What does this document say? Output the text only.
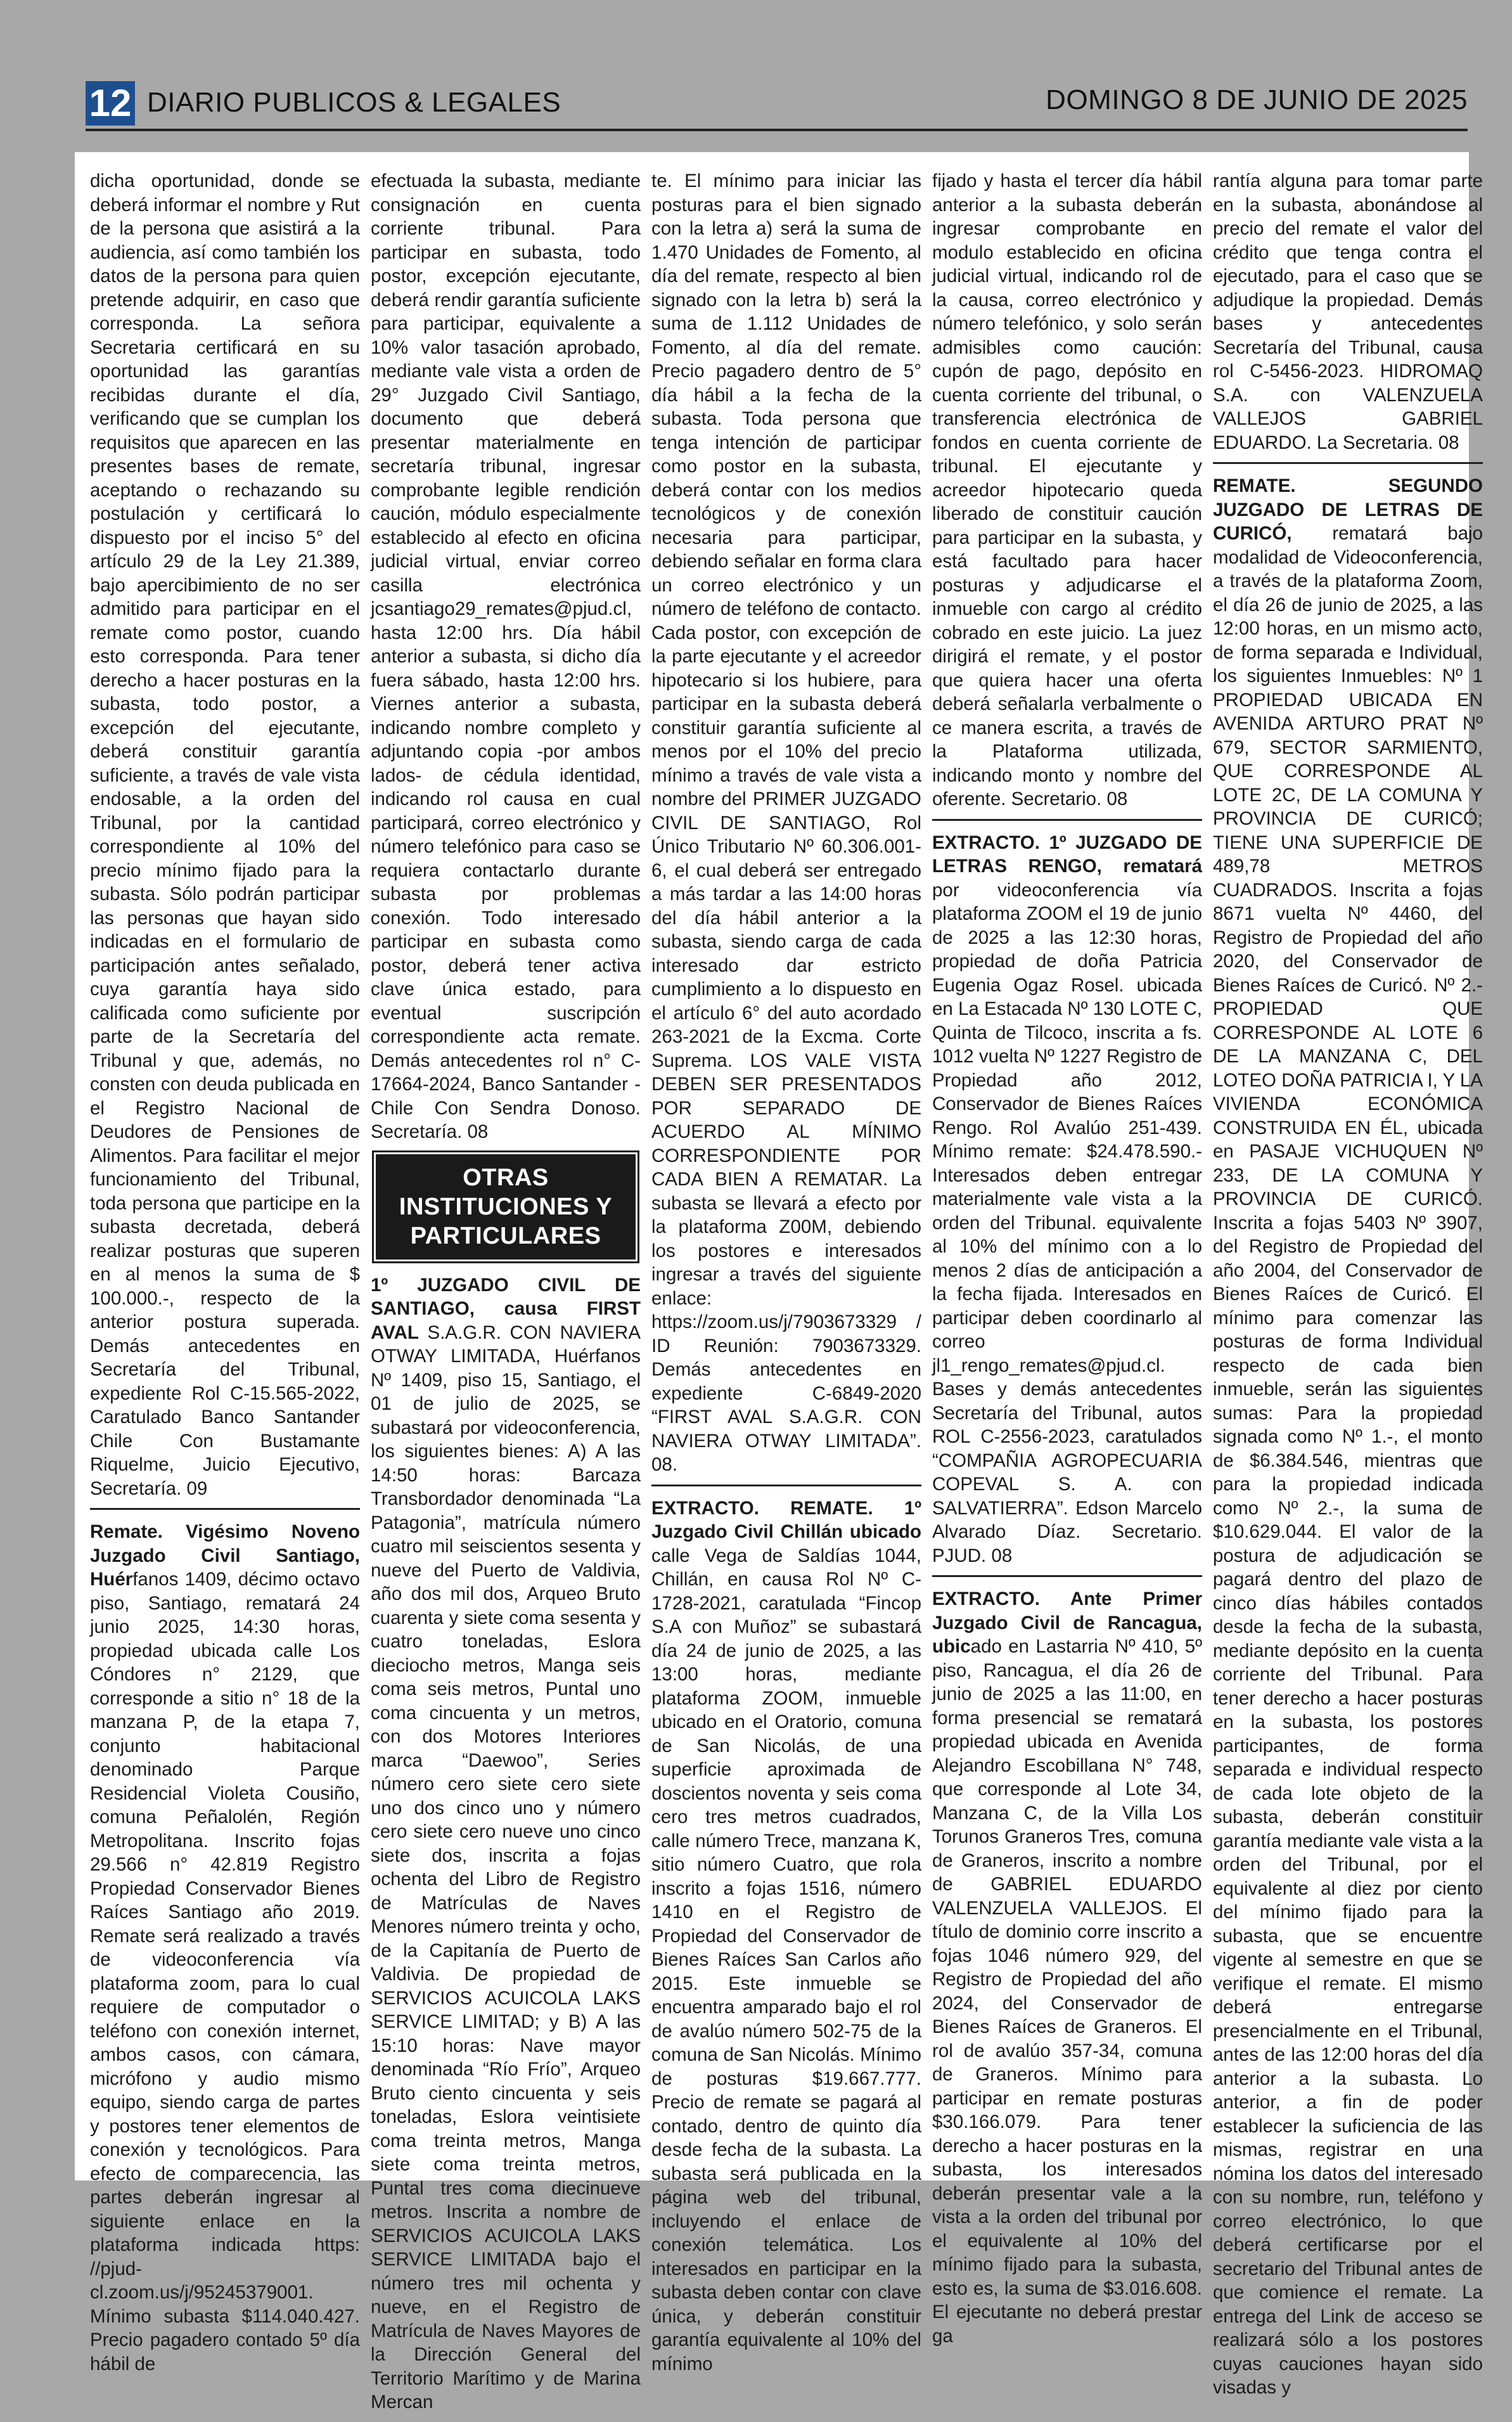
12 DIARIO PUBLICOS & LEGALES	DOMINGO 8 DE JUNIO DE 2025

dicha oportunidad, donde se deberá informar el nombre y Rut de la persona que asistirá a la audiencia, así como también los datos de la persona para quien pretende adquirir, en caso que corresponda. La señora Secretaria certificará en su oportunidad las garantías recibidas durante el día, verificando que se cumplan los requisitos que aparecen en las presentes bases de remate, aceptando o rechazando su postulación y certificará lo dispuesto por el inciso 5° del artículo 29 de la Ley 21.389, bajo apercibimiento de no ser admitido para participar en el remate como postor, cuando esto corresponda. Para tener derecho a hacer posturas en la subasta, todo postor, a excepción del ejecutante, deberá constituir garantía suficiente, a través de vale vista endosable, a la orden del Tribunal, por la cantidad correspondiente al 10% del precio mínimo fijado para la subasta. Sólo podrán participar las personas que hayan sido indicadas en el formulario de participación antes señalado, cuya garantía haya sido calificada como suficiente por parte de la Secretaría del Tribunal y que, además, no consten con deuda publicada en el Registro Nacional de Deudores de Pensiones de Alimentos. Para facilitar el mejor funcionamiento del Tribunal, toda persona que participe en la subasta decretada, deberá realizar posturas que superen en al menos la suma de $ 100.000.-, respecto de la anterior postura superada. Demás antecedentes en Secretaría del Tribunal, expediente Rol C-15.565-2022, Caratulado Banco Santander Chile Con Bustamante Riquelme, Juicio Ejecutivo, Secretaría. 09

Remate. Vigésimo Noveno Juzgado Civil Santiago, Huérfanos 1409, décimo octavo piso, Santiago, rematará 24 junio 2025, 14:30 horas, propiedad ubicada calle Los Cóndores n° 2129, que corresponde a sitio n° 18 de la manzana P, de la etapa 7, conjunto habitacional denominado Parque Residencial Violeta Cousiño, comuna Peñalolén, Región Metropolitana. Inscrito fojas 29.566 n° 42.819 Registro Propiedad Conservador Bienes Raíces Santiago año 2019. Remate será realizado a través de videoconferencia vía plataforma zoom, para lo cual requiere de computador o teléfono con conexión internet, ambos casos, con cámara, micrófono y audio mismo equipo, siendo carga de partes y postores tener elementos de conexión y tecnológicos. Para efecto de comparecencia, las partes deberán ingresar al siguiente enlace en la plataforma indicada https: //pjud-cl.zoom.us/j/95245379001. Mínimo subasta $114.040.427. Precio pagadero contado 5º día hábil de

efectuada la subasta, mediante consignación en cuenta corriente tribunal. Para participar en subasta, todo postor, excepción ejecutante, deberá rendir garantía suficiente para participar, equivalente a 10% valor tasación aprobado, mediante vale vista a orden de 29° Juzgado Civil Santiago, documento que deberá presentar materialmente en secretaría tribunal, ingresar comprobante legible rendición caución, módulo especialmente establecido al efecto en oficina judicial virtual, enviar correo casilla electrónica jcsantiago29_remates@pjud.cl, hasta 12:00 hrs. Día hábil anterior a subasta, si dicho día fuera sábado, hasta 12:00 hrs. Viernes anterior a subasta, indicando nombre completo y adjuntando copia -por ambos lados- de cédula identidad, indicando rol causa en cual participará, correo electrónico y número telefónico para caso se requiera contactarlo durante subasta por problemas conexión. Todo interesado participar en subasta como postor, deberá tener activa clave única estado, para eventual suscripción correspondiente acta remate. Demás antecedentes rol n° C-17664-2024, Banco Santander - Chile Con Sendra Donoso. Secretaría. 08

OTRAS INSTITUCIONES Y PARTICULARES

1º JUZGADO CIVIL DE SANTIAGO, causa FIRST AVAL S.A.G.R. CON NAVIERA OTWAY LIMITADA, Huérfanos Nº 1409, piso 15, Santiago, el 01 de julio de 2025, se subastará por videoconferencia, los siguientes bienes: A) A las 14:50 horas: Barcaza Transbordador denominada “La Patagonia”, matrícula número cuatro mil seiscientos sesenta y nueve del Puerto de Valdivia, año dos mil dos, Arqueo Bruto cuarenta y siete coma sesenta y cuatro toneladas, Eslora dieciocho metros, Manga seis coma seis metros, Puntal uno coma cincuenta y un metros, con dos Motores Interiores marca “Daewoo”, Series número cero siete cero siete uno dos cinco uno y número cero siete cero nueve uno cinco siete dos, inscrita a fojas ochenta del Libro de Registro de Matrículas de Naves Menores número treinta y ocho, de la Capitanía de Puerto de Valdivia. De propiedad de SERVICIOS ACUICOLA LAKS SERVICE LIMITAD; y B) A las 15:10 horas: Nave mayor denominada “Río Frío”, Arqueo Bruto ciento cincuenta y seis toneladas, Eslora veintisiete coma treinta metros, Manga siete coma treinta metros, Puntal tres coma diecinueve metros. Inscrita a nombre de SERVICIOS ACUICOLA LAKS SERVICE LIMITADA bajo el número tres mil ochenta y nueve, en el Registro de Matrícula de Naves Mayores de la Dirección General del Territorio Marítimo y de Marina Mercan

te. El mínimo para iniciar las posturas para el bien signado con la letra a) será la suma de 1.470 Unidades de Fomento, al día del remate, respecto al bien signado con la letra b) será la suma de 1.112 Unidades de Fomento, al día del remate. Precio pagadero dentro de 5° día hábil a la fecha de la subasta. Toda persona que tenga intención de participar como postor en la subasta, deberá contar con los medios tecnológicos y de conexión necesaria para participar, debiendo señalar en forma clara un correo electrónico y un número de teléfono de contacto. Cada postor, con excepción de la parte ejecutante y el acreedor hipotecario si los hubiere, para participar en la subasta deberá constituir garantía suficiente al menos por el 10% del precio mínimo a través de vale vista a nombre del PRIMER JUZGADO CIVIL DE SANTIAGO, Rol Único Tributario Nº 60.306.001-6, el cual deberá ser entregado a más tardar a las 14:00 horas del día hábil anterior a la subasta, siendo carga de cada interesado dar estricto cumplimiento a lo dispuesto en el artículo 6° del auto acordado 263-2021 de la Excma. Corte Suprema. LOS VALE VISTA DEBEN SER PRESENTADOS POR SEPARADO DE ACUERDO AL MÍNIMO CORRESPONDIENTE POR CADA BIEN A REMATAR. La subasta se llevará a efecto por la plataforma Z00M, debiendo los postores e interesados ingresar a través del siguiente enlace: https://zoom.us/j/7903673329 / ID Reunión: 7903673329. Demás antecedentes en expediente C-6849-2020 “FIRST AVAL S.A.G.R. CON NAVIERA OTWAY LIMITADA”. 08.

EXTRACTO. REMATE. 1º Juzgado Civil Chillán ubicado calle Vega de Saldías 1044, Chillán, en causa Rol Nº C-1728-2021, caratulada “Fincop S.A con Muñoz” se subastará día 24 de junio de 2025, a las 13:00 horas, mediante plataforma ZOOM, inmueble ubicado en el Oratorio, comuna de San Nicolás, de una superficie aproximada de doscientos noventa y seis coma cero tres metros cuadrados, calle número Trece, manzana K, sitio número Cuatro, que rola inscrito a fojas 1516, número 1410 en el Registro de Propiedad del Conservador de Bienes Raíces San Carlos año 2015. Este inmueble se encuentra amparado bajo el rol de avalúo número 502-75 de la comuna de San Nicolás. Mínimo de posturas $19.667.777. Precio de remate se pagará al contado, dentro de quinto día desde fecha de la subasta. La subasta será publicada en la página web del tribunal, incluyendo el enlace de conexión telemática. Los interesados en participar en la subasta deben contar con clave única, y deberán constituir garantía equivalente al 10% del mínimo

fijado y hasta el tercer día hábil anterior a la subasta deberán ingresar comprobante en modulo establecido en oficina judicial virtual, indicando rol de la causa, correo electrónico y número telefónico, y solo serán admisibles como caución: cupón de pago, depósito en cuenta corriente del tribunal, o transferencia electrónica de fondos en cuenta corriente de tribunal. El ejecutante y acreedor hipotecario queda liberado de constituir caución para participar en la subasta, y está facultado para hacer posturas y adjudicarse el inmueble con cargo al crédito cobrado en este juicio. La juez dirigirá el remate, y el postor que quiera hacer una oferta deberá señalarla verbalmente o ce manera escrita, a través de la Plataforma utilizada, indicando monto y nombre del oferente. Secretario. 08

EXTRACTO. 1º JUZGADO DE LETRAS RENGO, rematará por videoconferencia vía plataforma ZOOM el 19 de junio de 2025 a las 12:30 horas, propiedad de doña Patricia Eugenia Ogaz Rosel. ubicada en La Estacada Nº 130 LOTE C, Quinta de Tilcoco, inscrita a fs. 1012 vuelta Nº 1227 Registro de Propiedad año 2012, Conservador de Bienes Raíces Rengo. Rol Avalúo 251-439. Mínimo remate: $24.478.590.- Interesados deben entregar materialmente vale vista a la orden del Tribunal. equivalente al 10% del mínimo con a lo menos 2 días de anticipación a la fecha fijada. Interesados en participar deben coordinarlo al correo jl1_rengo_remates@pjud.cl. Bases y demás antecedentes Secretaría del Tribunal, autos ROL C-2556-2023, caratulados “COMPAÑIA AGROPECUARIA COPEVAL S. A. con SALVATIERRA”. Edson Marcelo Alvarado Díaz. Secretario. PJUD. 08

EXTRACTO. Ante Primer Juzgado Civil de Rancagua, ubicado en Lastarria Nº 410, 5º piso, Rancagua, el día 26 de junio de 2025 a las 11:00, en forma presencial se rematará propiedad ubicada en Avenida Alejandro Escobillana N° 748, que corresponde al Lote 34, Manzana C, de la Villa Los Torunos Graneros Tres, comuna de Graneros, inscrito a nombre de GABRIEL EDUARDO VALENZUELA VALLEJOS. El título de dominio corre inscrito a fojas 1046 número 929, del Registro de Propiedad del año 2024, del Conservador de Bienes Raíces de Graneros. El rol de avalúo 357-34, comuna de Graneros. Mínimo para participar en remate posturas $30.166.079. Para tener derecho a hacer posturas en la subasta, los interesados deberán presentar vale a la vista a la orden del tribunal por el equivalente al 10% del mínimo fijado para la subasta, esto es, la suma de $3.016.608. El ejecutante no deberá prestar ga

rantía alguna para tomar parte en la subasta, abonándose al precio del remate el valor del crédito que tenga contra el ejecutado, para el caso que se adjudique la propiedad. Demás bases y antecedentes Secretaría del Tribunal, causa rol C-5456-2023. HIDROMAQ S.A. con VALENZUELA VALLEJOS GABRIEL EDUARDO. La Secretaria. 08

REMATE. SEGUNDO JUZGADO DE LETRAS DE CURICÓ, rematará bajo modalidad de Videoconferencia, a través de la plataforma Zoom, el día 26 de junio de 2025, a las 12:00 horas, en un mismo acto, de forma separada e Individual, los siguientes Inmuebles: Nº 1 PROPIEDAD UBICADA EN AVENIDA ARTURO PRAT Nº 679, SECTOR SARMIENTO, QUE CORRESPONDE AL LOTE 2C, DE LA COMUNA Y PROVINCIA DE CURICÓ; TIENE UNA SUPERFICIE DE 489,78 METROS CUADRADOS. Inscrita a fojas 8671 vuelta Nº 4460, del Registro de Propiedad del año 2020, del Conservador de Bienes Raíces de Curicó. Nº 2.- PROPIEDAD QUE CORRESPONDE AL LOTE 6 DE LA MANZANA C, DEL LOTEO DOÑA PATRICIA I, Y LA VIVIENDA ECONÓMICA CONSTRUIDA EN ÉL, ubicada en PASAJE VICHUQUEN Nº 233, DE LA COMUNA Y PROVINCIA DE CURICÓ. Inscrita a fojas 5403 Nº 3907, del Registro de Propiedad del año 2004, del Conservador de Bienes Raíces de Curicó. El mínimo para comenzar las posturas de forma Individual respecto de cada bien inmueble, serán las siguientes sumas: Para la propiedad signada como Nº 1.-, el monto de $6.384.546, mientras que para la propiedad indicada como Nº 2.-, la suma de $10.629.044. El valor de la postura de adjudicación se pagará dentro del plazo de cinco días hábiles contados desde la fecha de la subasta, mediante depósito en la cuenta corriente del Tribunal. Para tener derecho a hacer posturas en la subasta, los postores participantes, de forma separada e individual respecto de cada lote objeto de la subasta, deberán constituir garantía mediante vale vista a la orden del Tribunal, por el equivalente al diez por ciento del mínimo fijado para la subasta, que se encuentre vigente al semestre en que se verifique el remate. El mismo deberá entregarse presencialmente en el Tribunal, antes de las 12:00 horas del día anterior a la subasta. Lo anterior, a fin de poder establecer la suficiencia de las mismas, registrar en una nómina los datos del interesado con su nombre, run, teléfono y correo electrónico, lo que deberá certificarse por el secretario del Tribunal antes de que comience el remate. La entrega del Link de acceso se realizará sólo a los postores cuyas cauciones hayan sido visadas y
